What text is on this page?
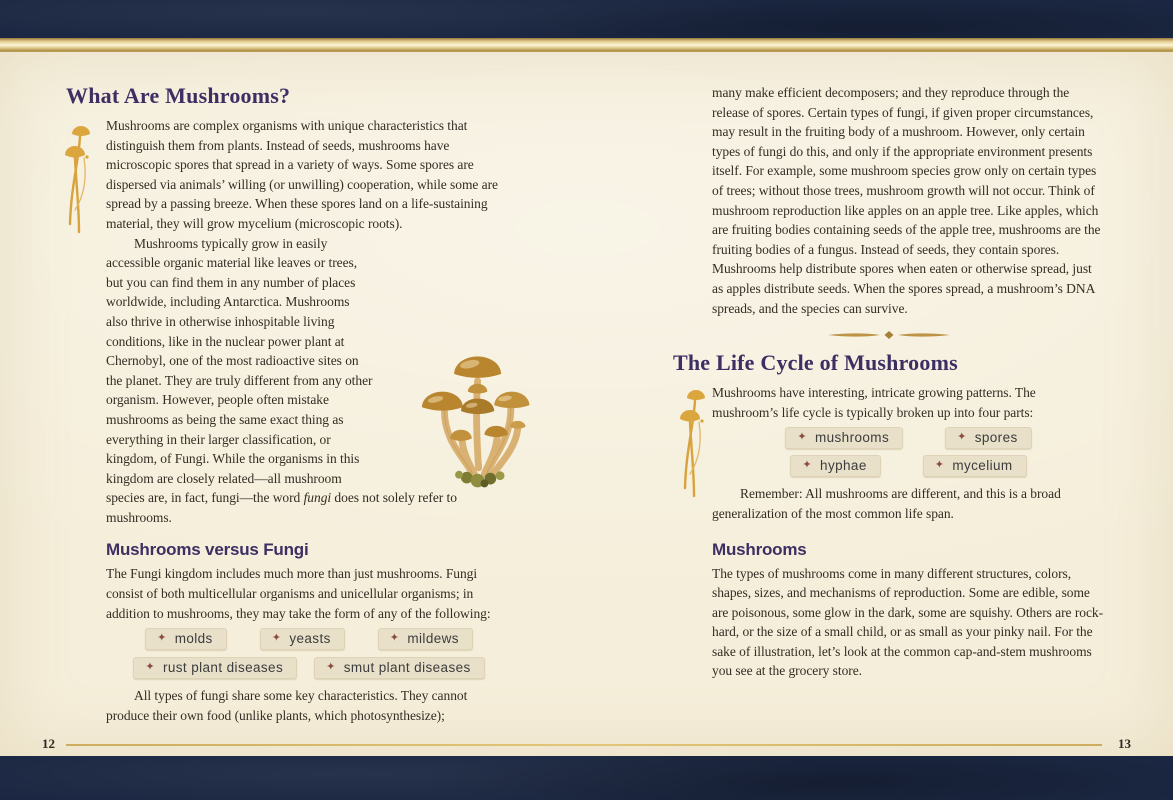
What Are Mushrooms?

Mushrooms are complex organisms with unique characteristics that distinguish them from plants. Instead of seeds, mushrooms have microscopic spores that spread in a variety of ways. Some spores are dispersed via animals’ willing (or unwilling) cooperation, while some are spread by a passing breeze. When these spores land on a life-sustaining material, they will grow mycelium (microscopic roots).

Mushrooms typically grow in easily accessible organic material like leaves or trees, but you can find them in any number of places worldwide, including Antarctica. Mushrooms also thrive in otherwise inhospitable living conditions, like in the nuclear power plant at Chernobyl, one of the most radioactive sites on the planet. They are truly different from any other organism. However, people often mistake mushrooms as being the same exact thing as everything in their larger classification, or kingdom, of Fungi. While the organisms in this kingdom are closely related—all mushroom species are, in fact, fungi—the word fungi does not solely refer to mushrooms.

Mushrooms versus Fungi

The Fungi kingdom includes much more than just mushrooms. Fungi consist of both multicellular organisms and unicellular organisms; in addition to mushrooms, they may take the form of any of the following:

✦ molds	✦ yeasts	✦ mildews
✦ rust plant diseases	✦ smut plant diseases

All types of fungi share some key characteristics. They cannot produce their own food (unlike plants, which photosynthesize);

many make efficient decomposers; and they reproduce through the release of spores. Certain types of fungi, if given proper circumstances, may result in the fruiting body of a mushroom. However, only certain types of fungi do this, and only if the appropriate environment presents itself. For example, some mushroom species grow only on certain types of trees; without those trees, mushroom growth will not occur. Think of mushroom reproduction like apples on an apple tree. Like apples, which are fruiting bodies containing seeds of the apple tree, mushrooms are the fruiting bodies of a fungus. Instead of seeds, they contain spores. Mushrooms help distribute spores when eaten or otherwise spread, just as apples distribute seeds. When the spores spread, a mushroom’s DNA spreads, and the species can survive.

The Life Cycle of Mushrooms

Mushrooms have interesting, intricate growing patterns. The mushroom’s life cycle is typically broken up into four parts:

✦ mushrooms	✦ spores
✦ hyphae	✦ mycelium

Remember: All mushrooms are different, and this is a broad generalization of the most common life span.

Mushrooms

The types of mushrooms come in many different structures, colors, shapes, sizes, and mechanisms of reproduction. Some are edible, some are poisonous, some glow in the dark, some are squishy. Others are rock-hard, or the size of a small child, or as small as your pinky nail. For the sake of illustration, let’s look at the common cap-and-stem mushrooms you see at the grocery store.

12	13
